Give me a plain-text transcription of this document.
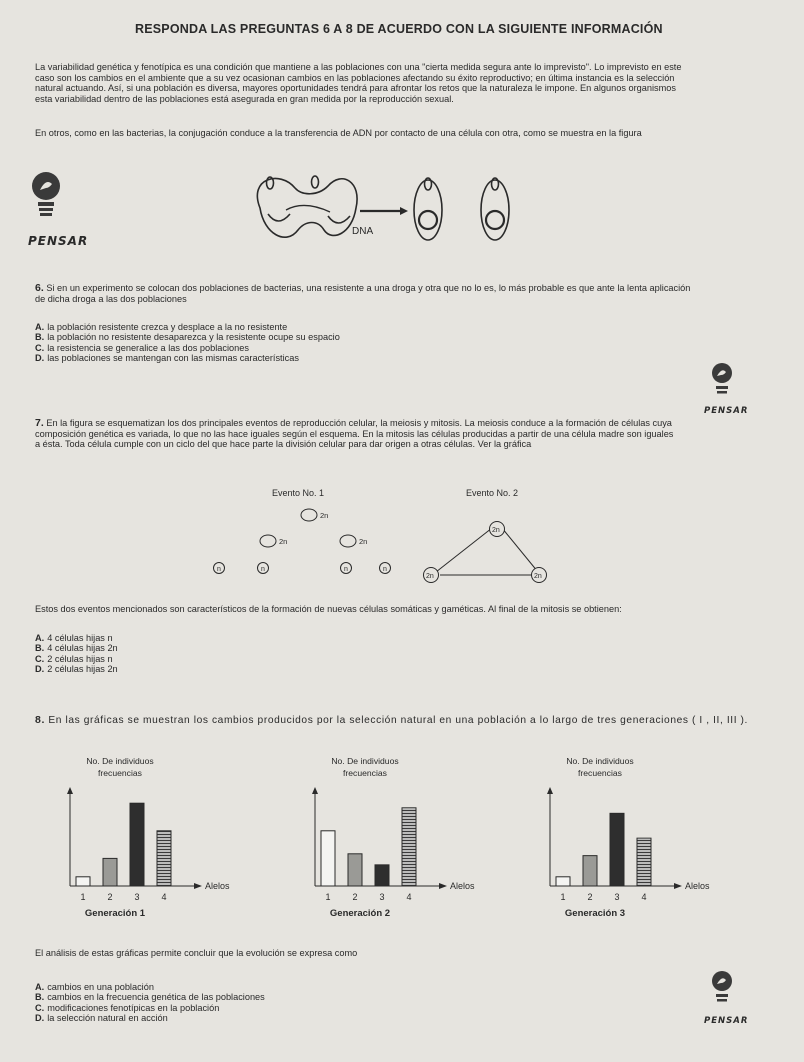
RESPONDA LAS PREGUNTAS 6 A 8 DE ACUERDO CON LA SIGUIENTE INFORMACIÓN
La variabilidad genética y fenotípica es una condición que mantiene a las poblaciones con una "cierta medida segura ante lo imprevisto". Lo imprevisto en este
caso son los cambios en el ambiente que a su vez ocasionan cambios en las poblaciones afectando su éxito reproductivo; en última instancia es la selección
natural actuando. Así, si una población es diversa, mayores oportunidades tendrá para afrontar los retos que la naturaleza le impone. En algunos organismos
esta variabilidad dentro de las poblaciones está asegurada en gran medida por la reproducción sexual.
En otros, como en las bacterias, la conjugación conduce a la transferencia de ADN por contacto de una célula con otra, como se muestra en la figura
PENSAR
DNA
6. Si en un experimento se colocan dos poblaciones de bacterias, una resistente a una droga y otra que no lo es, lo más probable es que ante la lenta aplicación
de dicha droga a las dos poblaciones
A. la población resistente crezca y desplace a la no resistente
B. la población no resistente desaparezca y la resistente ocupe su espacio
C. la resistencia se generalice a las dos poblaciones
D. las poblaciones se mantengan con las mismas características
PENSAR
7. En la figura se esquematizan los dos principales eventos de reproducción celular, la meiosis y mitosis. La meiosis conduce a la formación de células cuya
composición genética es variada, lo que no las hace iguales según el esquema. En la mitosis las células producidas a partir de una célula madre son iguales
a ésta. Toda célula cumple con un ciclo del que hace parte la división celular para dar origen a otras células. Ver la gráfica
Evento No. 1	Evento No. 2
2n
2n	2n
n	n	n	n
2n
2n	2n
Estos dos eventos mencionados son característicos de la formación de nuevas células somáticas y gaméticas. Al final de la mitosis se obtienen:
A. 4 células hijas n
B. 4 células hijas 2n
C. 2 células hijas n
D. 2 células hijas 2n
8. En las gráficas se muestran los cambios producidos por la selección natural en una población a lo largo de tres generaciones ( I , II, III ).
No. De individuos
frecuencias
Alelos
1 2 3 4
Generación 1
No. De individuos
frecuencias
Alelos
1 2 3 4
Generación 2
No. De individuos
frecuencias
Alelos
1 2 3 4
Generación 3
El análisis de estas gráficas permite concluir que la evolución se expresa como
A. cambios en una población
B. cambios en la frecuencia genética de las poblaciones
C. modificaciones fenotípicas en la población
D. la selección natural en acción	PENSAR
